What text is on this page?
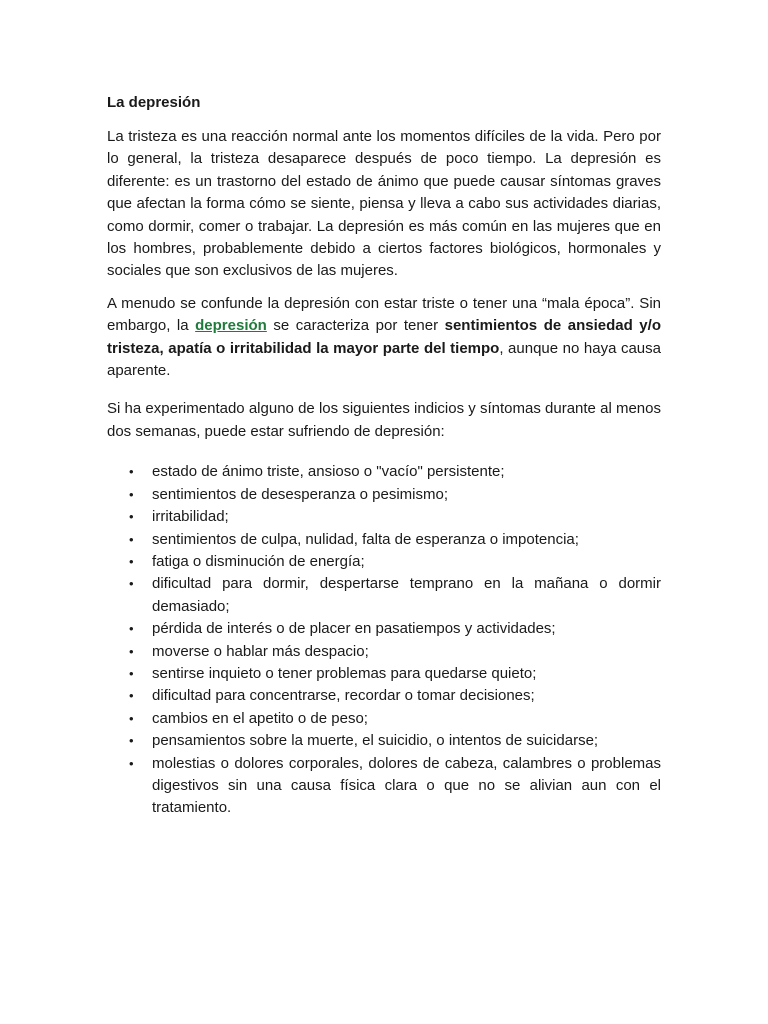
La depresión

La tristeza es una reacción normal ante los momentos difíciles de la vida. Pero por lo general, la tristeza desaparece después de poco tiempo. La depresión es diferente: es un trastorno del estado de ánimo que puede causar síntomas graves que afectan la forma cómo se siente, piensa y lleva a cabo sus actividades diarias, como dormir, comer o trabajar. La depresión es más común en las mujeres que en los hombres, probablemente debido a ciertos factores biológicos, hormonales y sociales que son exclusivos de las mujeres.

A menudo se confunde la depresión con estar triste o tener una “mala época”. Sin embargo, la depresión se caracteriza por tener sentimientos de ansiedad y/o tristeza, apatía o irritabilidad la mayor parte del tiempo, aunque no haya causa aparente.

Si ha experimentado alguno de los siguientes indicios y síntomas durante al menos dos semanas, puede estar sufriendo de depresión:

• estado de ánimo triste, ansioso o "vacío" persistente;
• sentimientos de desesperanza o pesimismo;
• irritabilidad;
• sentimientos de culpa, nulidad, falta de esperanza o impotencia;
• fatiga o disminución de energía;
• dificultad para dormir, despertarse temprano en la mañana o dormir demasiado;
• pérdida de interés o de placer en pasatiempos y actividades;
• moverse o hablar más despacio;
• sentirse inquieto o tener problemas para quedarse quieto;
• dificultad para concentrarse, recordar o tomar decisiones;
• cambios en el apetito o de peso;
• pensamientos sobre la muerte, el suicidio, o intentos de suicidarse;
• molestias o dolores corporales, dolores de cabeza, calambres o problemas digestivos sin una causa física clara o que no se alivian aun con el tratamiento.
